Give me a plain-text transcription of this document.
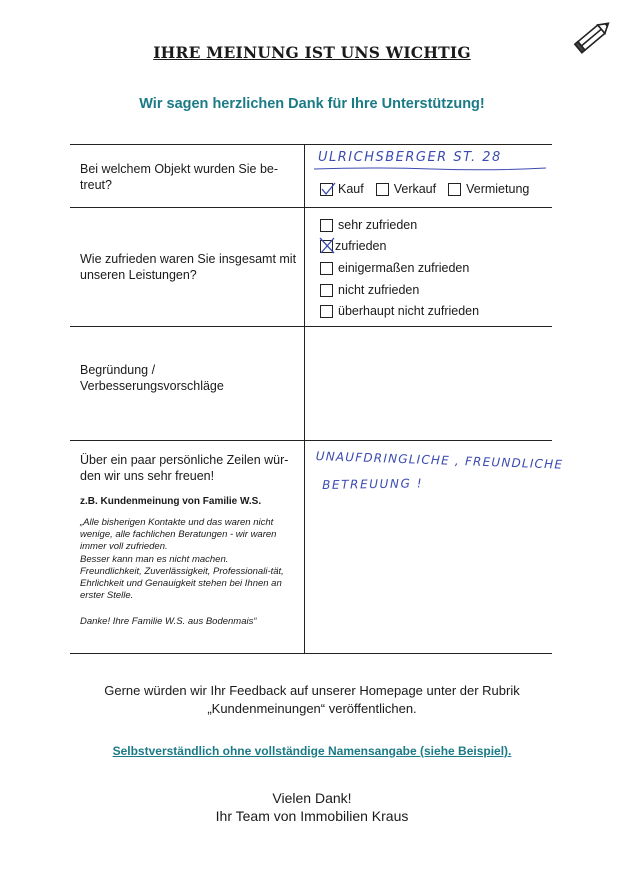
IHRE MEINUNG IST UNS WICHTIG
Wir sagen herzlichen Dank für Ihre Unterstützung!
Bei welchem Objekt wurden Sie be-treut?
ULRICHSBERGER ST. 28
Kauf Verkauf Vermietung
Wie zufrieden waren Sie insgesamt mit unseren Leistungen?
sehr zufrieden
zufrieden
einigermaßen zufrieden
nicht zufrieden
überhaupt nicht zufrieden
Begründung /
Verbesserungsvorschläge
Über ein paar persönliche Zeilen wür-den wir uns sehr freuen!
z.B. Kundenmeinung von Familie W.S.

„Alle bisherigen Kontakte und das waren nicht wenige, alle fachlichen Beratungen - wir waren immer voll zufrieden.

Besser kann man es nicht machen.

Freundlichkeit, Zuverlässigkeit, Professionali-tät, Ehrlichkeit und Genauigkeit stehen bei Ihnen an erster Stelle.

Danke! Ihre Familie W.S. aus Bodenmais“
UNAUFDRINGLICHE , FREUNDLICHE
BETREUUNG !
Gerne würden wir Ihr Feedback auf unserer Homepage unter der Rubrik
„Kundenmeinungen“ veröffentlichen.
Selbstverständlich ohne vollständige Namensangabe (siehe Beispiel).
Vielen Dank!
Ihr Team von Immobilien Kraus
